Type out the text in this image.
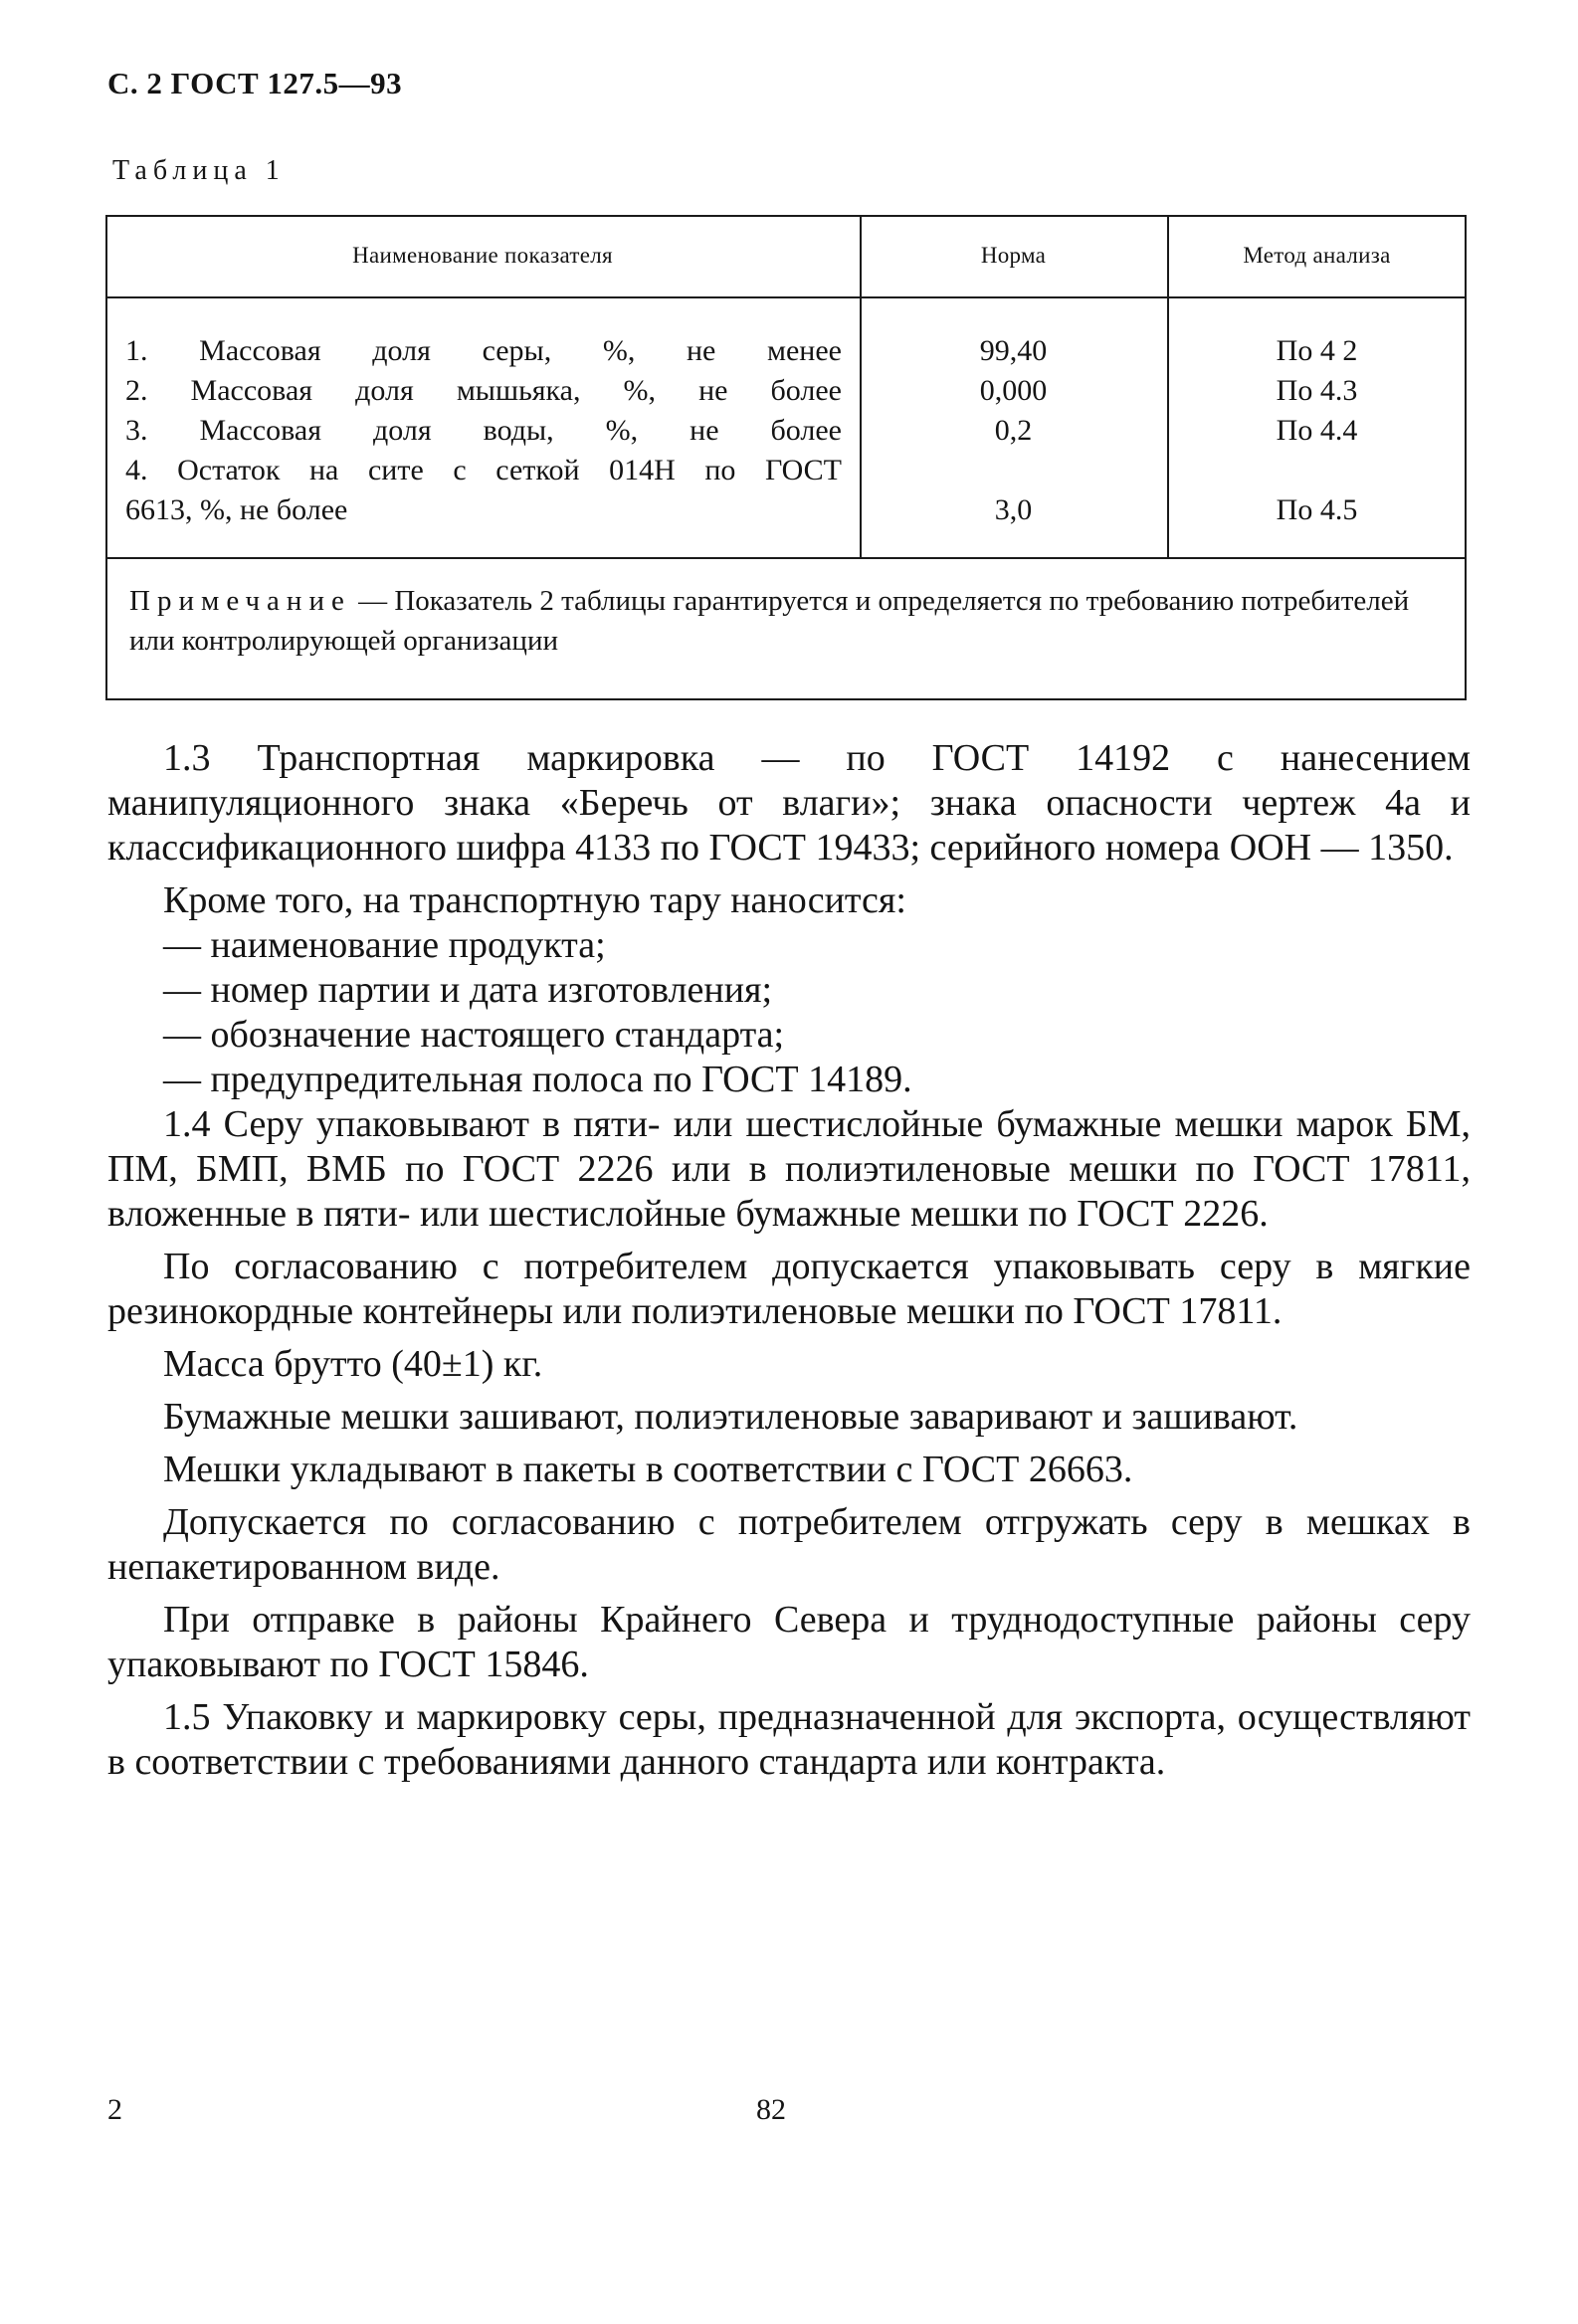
С. 2 ГОСТ 127.5—93
Таблица 1
Наименование показателя	Норма	Метод анализа
1. Массовая доля серы, %, не менее	99,40	По 4 2
2. Массовая доля мышьяка, %, не более	0,000	По 4.3
3. Массовая доля воды, %, не более	0,2	По 4.4
4. Остаток на сите с сеткой 014Н по ГОСТ
6613, %, не более	3,0	По 4.5
Примечание — Показатель 2 таблицы гарантируется и определяется по требованию потребителей или контролирующей организации

1.3 Транспортная маркировка — по ГОСТ 14192 с нанесением манипуляционного знака «Беречь от влаги»; знака опасности чертеж 4а и классификационного шифра 4133 по ГОСТ 19433; серийного номера ООН — 1350.

Кроме того, на транспортную тару наносится:

— наименование продукта;

— номер партии и дата изготовления;

— обозначение настоящего стандарта;

— предупредительная полоса по ГОСТ 14189.

1.4 Серу упаковывают в пяти- или шестислойные бумажные мешки марок БМ, ПМ, БМП, ВМБ по ГОСТ 2226 или в полиэтиленовые мешки по ГОСТ 17811, вложенные в пяти- или шестислойные бумажные мешки по ГОСТ 2226.

По согласованию с потребителем допускается упаковывать серу в мягкие резинокордные контейнеры или полиэтиленовые мешки по ГОСТ 17811.

Масса брутто (40±1) кг.

Бумажные мешки зашивают, полиэтиленовые заваривают и зашивают.

Мешки укладывают в пакеты в соответствии с ГОСТ 26663.

Допускается по согласованию с потребителем отгружать серу в мешках в непакетированном виде.

При отправке в районы Крайнего Севера и труднодоступные районы серу упаковывают по ГОСТ 15846.

1.5 Упаковку и маркировку серы, предназначенной для экспорта, осуществляют в соответствии с требованиями данного стандарта или контракта.

2	82
